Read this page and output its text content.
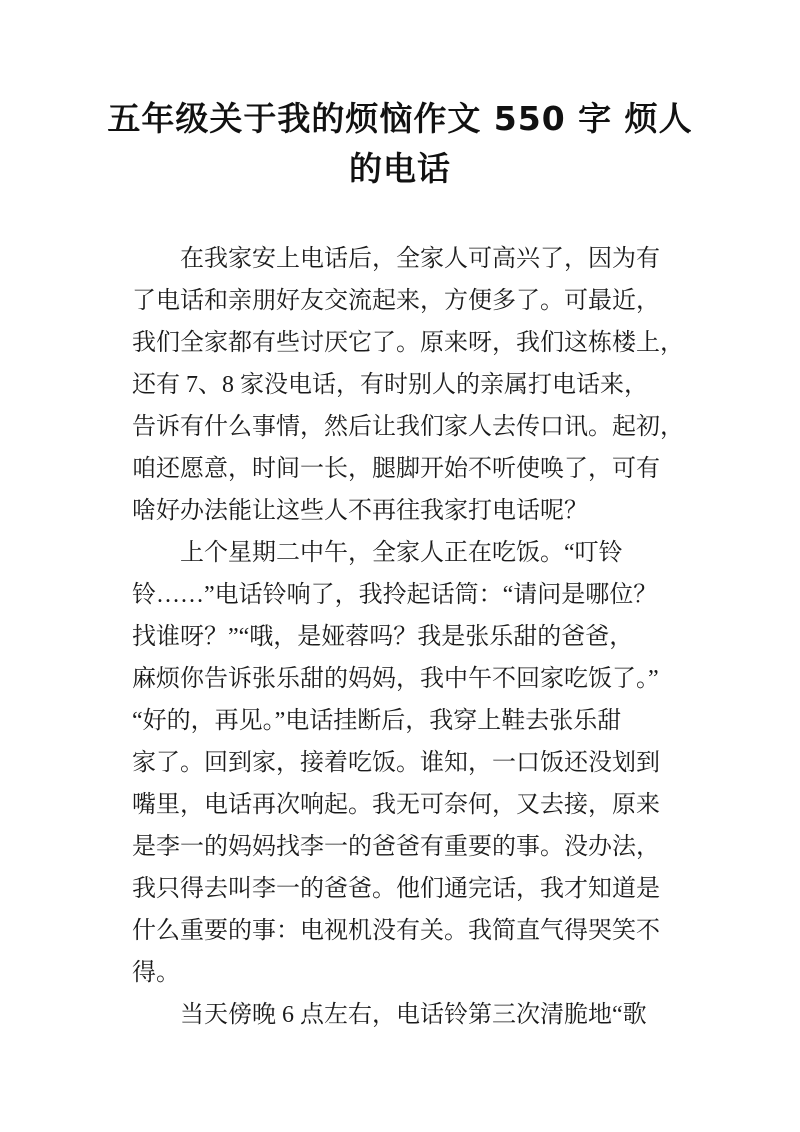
五年级关于我的烦恼作文 550 字 烦人
的电话
在我家安上电话后，全家人可高兴了，因为有
了电话和亲朋好友交流起来，方便多了。可最近，
我们全家都有些讨厌它了。原来呀，我们这栋楼上，
还有 7、8 家没电话，有时别人的亲属打电话来，
告诉有什么事情，然后让我们家人去传口讯。起初，
咱还愿意，时间一长，腿脚开始不听使唤了，可有
啥好办法能让这些人不再往我家打电话呢？
上个星期二中午，全家人正在吃饭。“叮铃
铃……”电话铃响了，我拎起话筒：“请问是哪位？
找谁呀？”“哦，是娅蓉吗？我是张乐甜的爸爸，
麻烦你告诉张乐甜的妈妈，我中午不回家吃饭了。”
“好的，再见。”电话挂断后，我穿上鞋去张乐甜
家了。回到家，接着吃饭。谁知，一口饭还没划到
嘴里，电话再次响起。我无可奈何，又去接，原来
是李一的妈妈找李一的爸爸有重要的事。没办法，
我只得去叫李一的爸爸。他们通完话，我才知道是
什么重要的事：电视机没有关。我简直气得哭笑不
得。
当天傍晚 6 点左右，电话铃第三次清脆地“歌
